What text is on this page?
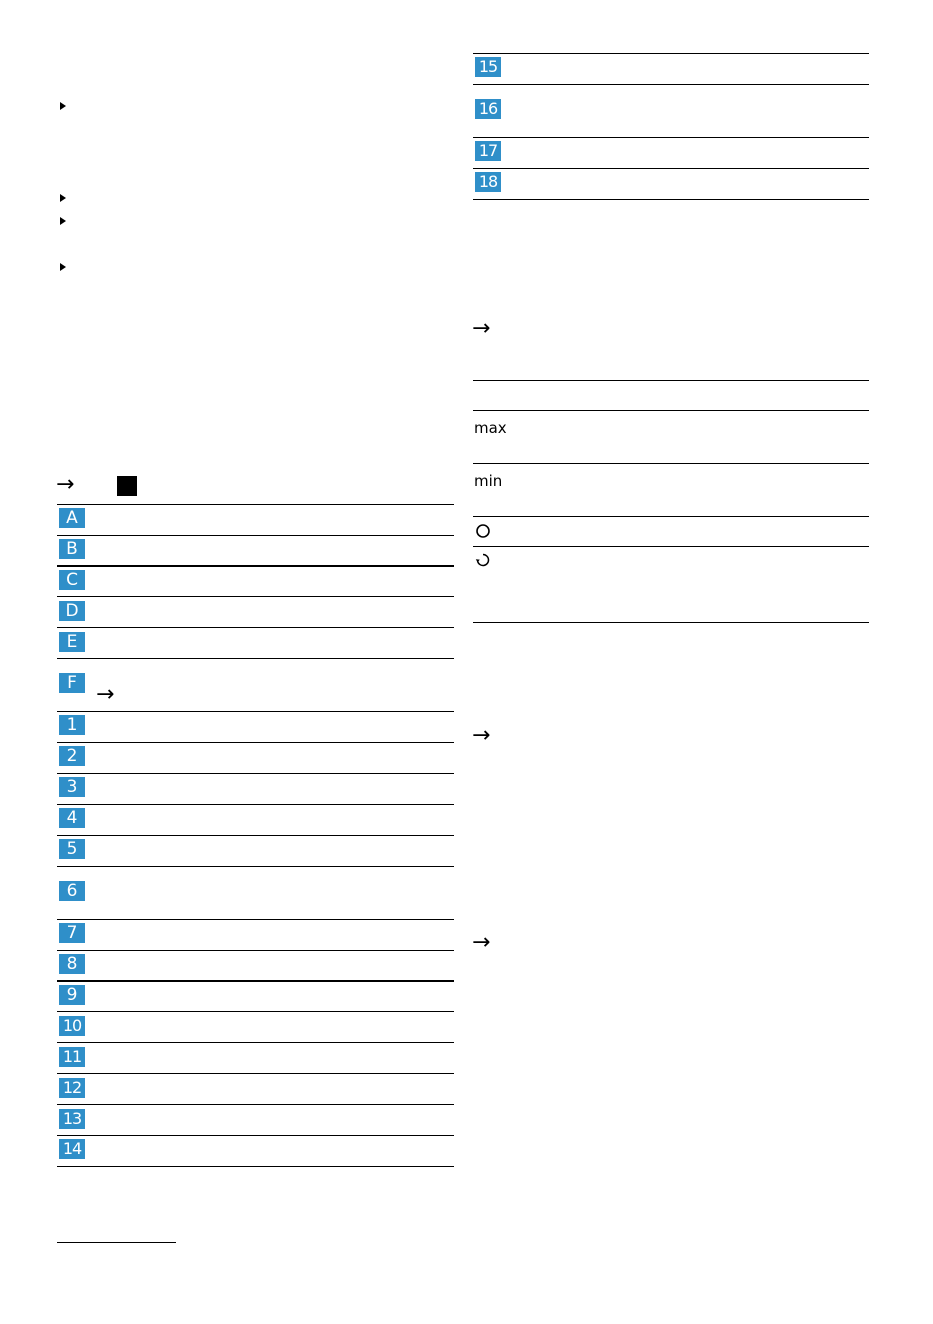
→
A
B
C
D
E
F →
1
2
3
4
5
6
7
8
9
10
11
12
13
14
15
16
17
18
→
max
min
→
→
